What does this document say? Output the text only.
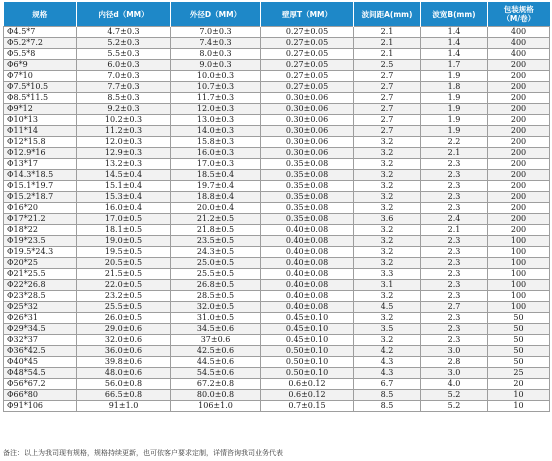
规格	内径d（MM）	外径D（MM）	壁厚T（MM）	波间距A(mm)	波宽B(mm)	包装规格
（M/卷）
Φ4.5*7	4.7±0.3	7.0±0.3	0.27±0.05	2.1	1.4	400
Φ5.2*7.2	5.2±0.3	7.4±0.3	0.27±0.05	2.1	1.4	400
Φ5.5*8	5.5±0.3	8.0±0.3	0.27±0.05	2.1	1.4	400
Φ6*9	6.0±0.3	9.0±0.3	0.27±0.05	2.5	1.7	200
Φ7*10	7.0±0.3	10.0±0.3	0.27±0.05	2.7	1.9	200
Φ7.5*10.5	7.7±0.3	10.7±0.3	0.27±0.05	2.7	1.8	200
Φ8.5*11.5	8.5±0.3	11.7±0.3	0.30±0.06	2.7	1.9	200
Φ9*12	9.2±0.3	12.0±0.3	0.30±0.06	2.7	1.9	200
Φ10*13	10.2±0.3	13.0±0.3	0.30±0.06	2.7	1.9	200
Φ11*14	11.2±0.3	14.0±0.3	0.30±0.06	2.7	1.9	200
Φ12*15.8	12.0±0.3	15.8±0.3	0.30±0.06	3.2	2.2	200
Φ12.9*16	12.9±0.3	16.0±0.3	0.30±0.06	3.2	2.1	200
Φ13*17	13.2±0.3	17.0±0.3	0.35±0.08	3.2	2.3	200
Φ14.3*18.5	14.5±0.4	18.5±0.4	0.35±0.08	3.2	2.3	200
Φ15.1*19.7	15.1±0.4	19.7±0.4	0.35±0.08	3.2	2.3	200
Φ15.2*18.7	15.3±0.4	18.8±0.4	0.35±0.08	3.2	2.3	200
Φ16*20	16.0±0.4	20.0±0.4	0.35±0.08	3.2	2.3	200
Φ17*21.2	17.0±0.5	21.2±0.5	0.35±0.08	3.6	2.4	200
Φ18*22	18.1±0.5	21.8±0.5	0.40±0.08	3.2	2.1	200
Φ19*23.5	19.0±0.5	23.5±0.5	0.40±0.08	3.2	2.3	100
Φ19.5*24.3	19.5±0.5	24.3±0.5	0.40±0.08	3.2	2.3	100
Φ20*25	20.5±0.5	25.0±0.5	0.40±0.08	3.2	2.3	100
Φ21*25.5	21.5±0.5	25.5±0.5	0.40±0.08	3.3	2.3	100
Φ22*26.8	22.0±0.5	26.8±0.5	0.40±0.08	3.1	2.3	100
Φ23*28.5	23.2±0.5	28.5±0.5	0.40±0.08	3.2	2.3	100
Φ25*32	25.5±0.5	32.0±0.5	0.40±0.08	4.5	2.7	100
Φ26*31	26.0±0.5	31.0±0.5	0.45±0.10	3.2	2.3	50
Φ29*34.5	29.0±0.6	34.5±0.6	0.45±0.10	3.5	2.3	50
Φ32*37	32.0±0.6	37±0.6	0.45±0.10	3.2	2.3	50
Φ36*42.5	36.0±0.6	42.5±0.6	0.50±0.10	4.2	3.0	50
Φ40*45	39.8±0.6	44.5±0.6	0.50±0.10	4.3	2.8	50
Φ48*54.5	48.0±0.6	54.5±0.6	0.50±0.10	4.3	3.0	25
Φ56*67.2	56.0±0.8	67.2±0.8	0.6±0.12	6.7	4.0	20
Φ66*80	66.5±0.8	80.0±0.8	0.6±0.12	8.5	5.2	10
Φ91*106	91±1.0	106±1.0	0.7±0.15	8.5	5.2	10
备注：以上为我司现有规格，规格持续更新，也可依客户要求定制，详情咨询我司业务代表
